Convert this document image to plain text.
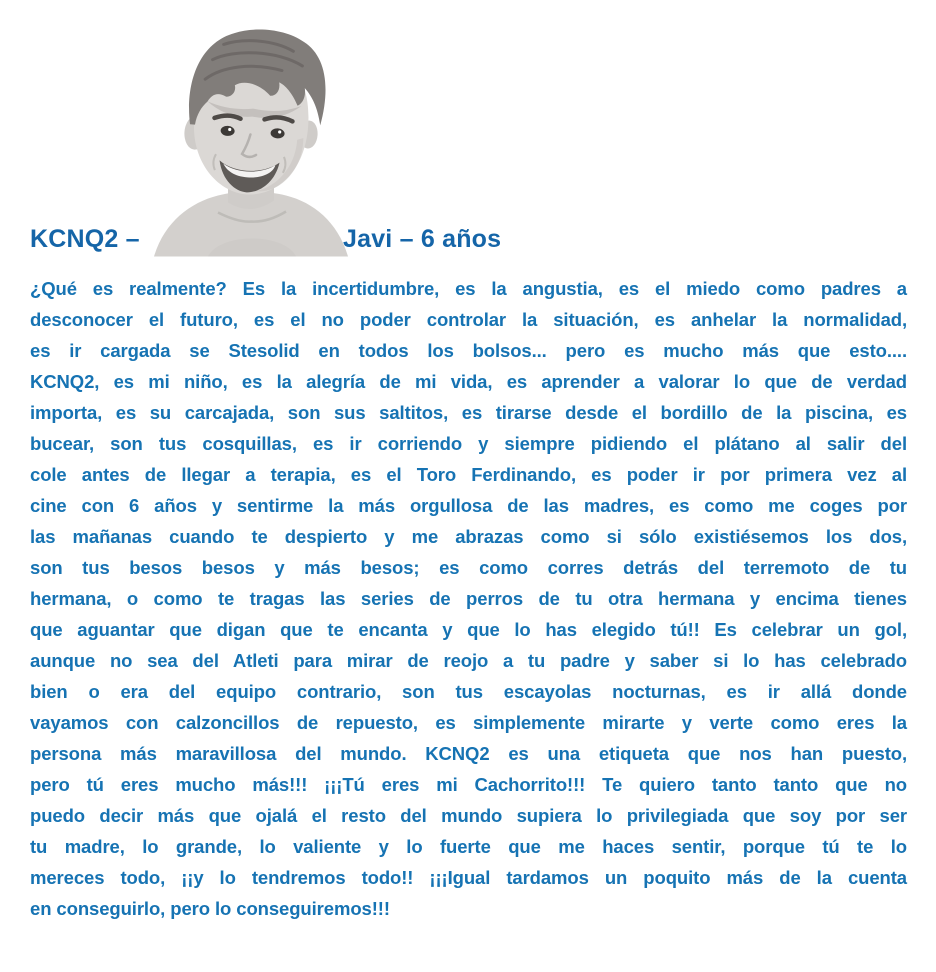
KCNQ2 –	Javi – 6 años
¿Qué es realmente? Es la incertidumbre, es la angustia, es el miedo como padres a
desconocer el futuro, es el no poder controlar la situación, es anhelar la normalidad,
es ir cargada se Stesolid en todos los bolsos... pero es mucho más que esto....
KCNQ2, es mi niño, es la alegría de mi vida, es aprender a valorar lo que de verdad
importa, es su carcajada, son sus saltitos, es tirarse desde el bordillo de la piscina, es
bucear, son tus cosquillas, es ir corriendo y siempre pidiendo el plátano al salir del
cole antes de llegar a terapia, es el Toro Ferdinando, es poder ir por primera vez al
cine con 6 años y sentirme la más orgullosa de las madres, es como me coges por
las mañanas cuando te despierto y me abrazas como si sólo existiésemos los dos,
son tus besos besos y más besos; es como corres detrás del terremoto de tu
hermana, o como te tragas las series de perros de tu otra hermana y encima tienes
que aguantar que digan que te encanta y que lo has elegido tú!! Es celebrar un gol,
aunque no sea del Atleti para mirar de reojo a tu padre y saber si lo has celebrado
bien o era del equipo contrario, son tus escayolas nocturnas, es ir allá donde
vayamos con calzoncillos de repuesto, es simplemente mirarte y verte como eres la
persona más maravillosa del mundo. KCNQ2 es una etiqueta que nos han puesto,
pero tú eres mucho más!!! ¡¡¡Tú eres mi Cachorrito!!! Te quiero tanto tanto que no
puedo decir más que ojalá el resto del mundo supiera lo privilegiada que soy por ser
tu madre, lo grande, lo valiente y lo fuerte que me haces sentir, porque tú te lo
mereces todo, ¡¡y lo tendremos todo!! ¡¡¡Igual tardamos un poquito más de la cuenta
en conseguirlo, pero lo conseguiremos!!!
